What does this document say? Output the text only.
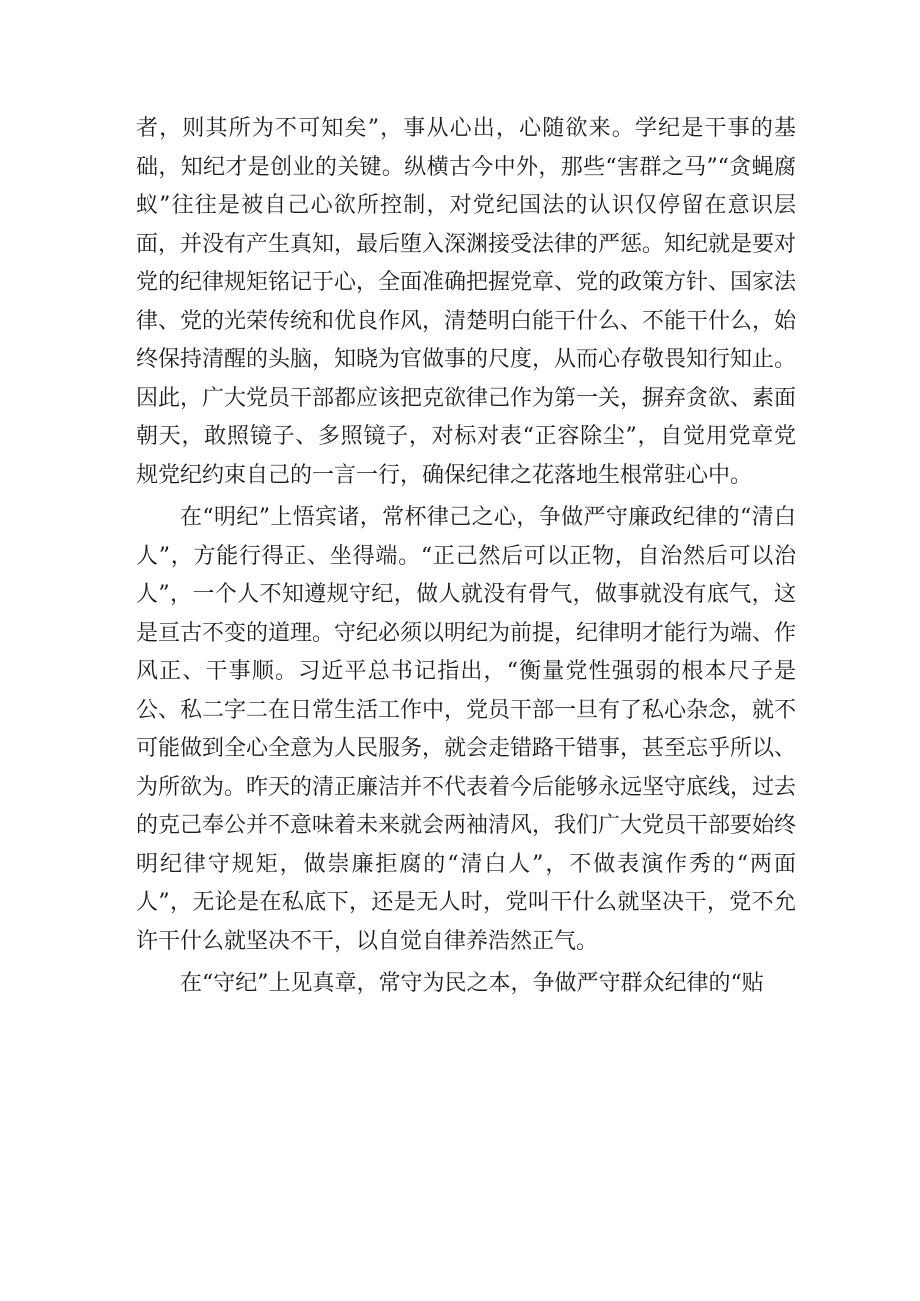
者，则其所为不可知矣”，事从心出，心随欲来。学纪是干事的基础，知纪才是创业的关键。纵横古今中外，那些“害群之马”“贪蝇腐蚁”往往是被自己心欲所控制，对党纪国法的认识仅停留在意识层面，并没有产生真知，最后堕入深渊接受法律的严惩。知纪就是要对党的纪律规矩铭记于心，全面准确把握党章、党的政策方针、国家法律、党的光荣传统和优良作风，清楚明白能干什么、不能干什么，始终保持清醒的头脑，知晓为官做事的尺度，从而心存敬畏知行知止。因此，广大党员干部都应该把克欲律己作为第一关，摒弃贪欲、素面朝天，敢照镜子、多照镜子，对标对表“正容除尘”，自觉用党章党规党纪约束自己的一言一行，确保纪律之花落地生根常驻心中。

在“明纪”上悟宾诸，常杯律己之心，争做严守廉政纪律的“清白人”，方能行得正、坐得端。“正己然后可以正物，自治然后可以治人”，一个人不知遵规守纪，做人就没有骨气，做事就没有底气，这是亘古不变的道理。守纪必须以明纪为前提，纪律明才能行为端、作风正、干事顺。习近平总书记指出，“衡量党性强弱的根本尺子是公、私二字二在日常生活工作中，党员干部一旦有了私心杂念，就不可能做到全心全意为人民服务，就会走错路干错事，甚至忘乎所以、为所欲为。昨天的清正廉洁并不代表着今后能够永远坚守底线，过去的克己奉公并不意味着未来就会两袖清风，我们广大党员干部要始终明纪律守规矩，做崇廉拒腐的“清白人”，不做表演作秀的“两面人”，无论是在私底下，还是无人时，党叫干什么就坚决干，党不允许干什么就坚决不干，以自觉自律养浩然正气。

在“守纪”上见真章，常守为民之本，争做严守群众纪律的“贴
